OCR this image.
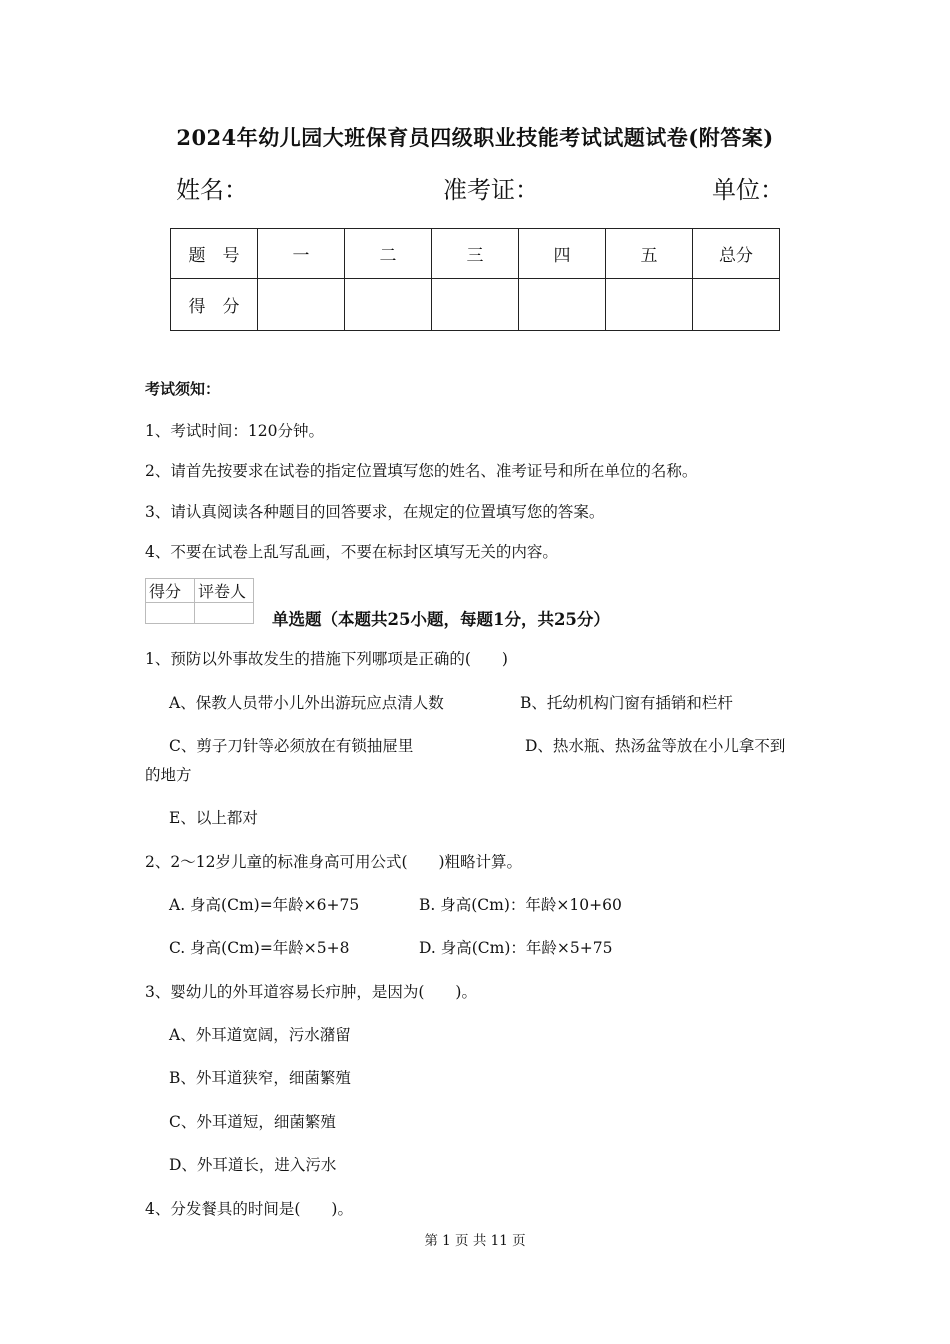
2024年幼儿园大班保育员四级职业技能考试试题试卷(附答案)
姓名：	准考证：	单位：
题　号	一	二	三	四	五	总分
得　分						
考试须知：
1、考试时间：120分钟。
2、请首先按要求在试卷的指定位置填写您的姓名、准考证号和所在单位的名称。
3、请认真阅读各种题目的回答要求，在规定的位置填写您的答案。
4、不要在试卷上乱写乱画，不要在标封区填写无关的内容。
得分	评卷人

单选题（本题共25小题，每题1分，共25分）
1、预防以外事故发生的措施下列哪项是正确的(　　)
A、保教人员带小儿外出游玩应点清人数	B、托幼机构门窗有插销和栏杆
C、剪子刀针等必须放在有锁抽屉里	D、热水瓶、热汤盆等放在小儿拿不到
的地方
E、以上都对
2、2～12岁儿童的标准身高可用公式(　　)粗略计算。
A. 身高(Cm)=年龄×6+75	B. 身高(Cm)：年龄×10+60
C. 身高(Cm)=年龄×5+8	D. 身高(Cm)：年龄×5+75
3、婴幼儿的外耳道容易长疖肿，是因为(　　)。
A、外耳道宽阔，污水潴留
B、外耳道狭窄，细菌繁殖
C、外耳道短，细菌繁殖
D、外耳道长，进入污水
4、分发餐具的时间是(　　)。
第 1 页 共 11 页
